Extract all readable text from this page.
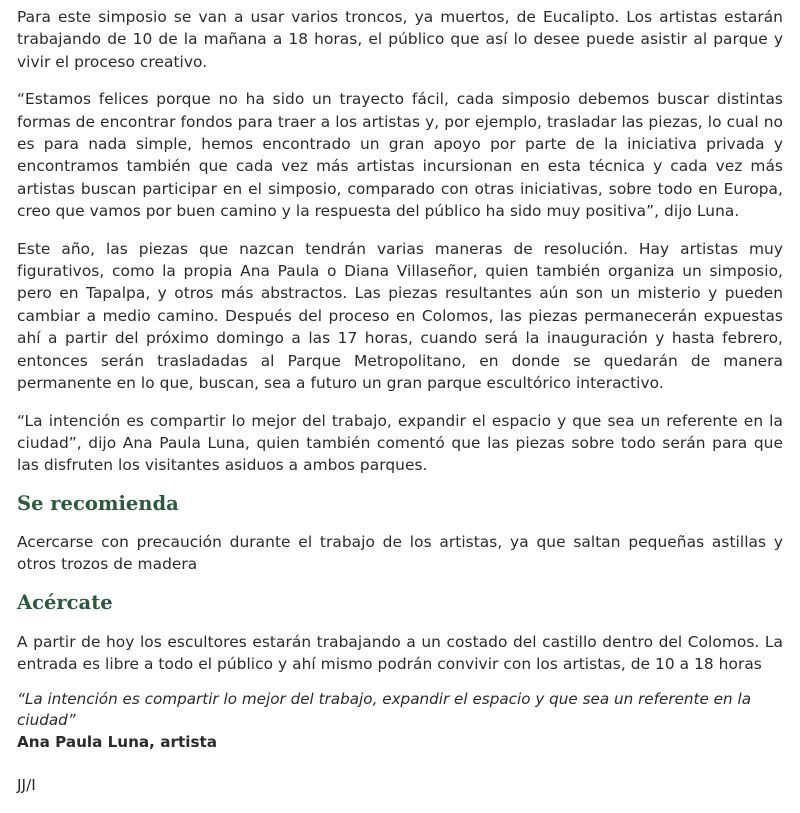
Para este simposio se van a usar varios troncos, ya muertos, de Eucalipto. Los artistas estarán trabajando de 10 de la mañana a 18 horas, el público que así lo desee puede asistir al parque y vivir el proceso creativo.

“Estamos felices porque no ha sido un trayecto fácil, cada simposio debemos buscar distintas formas de encontrar fondos para traer a los artistas y, por ejemplo, trasladar las piezas, lo cual no es para nada simple, hemos encontrado un gran apoyo por parte de la iniciativa privada y encontramos también que cada vez más artistas incursionan en esta técnica y cada vez más artistas buscan participar en el simposio, comparado con otras iniciativas, sobre todo en Europa, creo que vamos por buen camino y la respuesta del público ha sido muy positiva”, dijo Luna.

Este año, las piezas que nazcan tendrán varias maneras de resolución. Hay artistas muy figurativos, como la propia Ana Paula o Diana Villaseñor, quien también organiza un simposio, pero en Tapalpa, y otros más abstractos. Las piezas resultantes aún son un misterio y pueden cambiar a medio camino. Después del proceso en Colomos, las piezas permanecerán expuestas ahí a partir del próximo domingo a las 17 horas, cuando será la inauguración y hasta febrero, entonces serán trasladadas al Parque Metropolitano, en donde se quedarán de manera permanente en lo que, buscan, sea a futuro un gran parque escultórico interactivo.

“La intención es compartir lo mejor del trabajo, expandir el espacio y que sea un referente en la ciudad”, dijo Ana Paula Luna, quien también comentó que las piezas sobre todo serán para que las disfruten los visitantes asiduos a ambos parques.

Se recomienda

Acercarse con precaución durante el trabajo de los artistas, ya que saltan pequeñas astillas y otros trozos de madera

Acércate

A partir de hoy los escultores estarán trabajando a un costado del castillo dentro del Colomos. La entrada es libre a todo el público y ahí mismo podrán convivir con los artistas, de 10 a 18 horas

“La intención es compartir lo mejor del trabajo, expandir el espacio y que sea un referente en la ciudad”
Ana Paula Luna, artista
JJ/I
